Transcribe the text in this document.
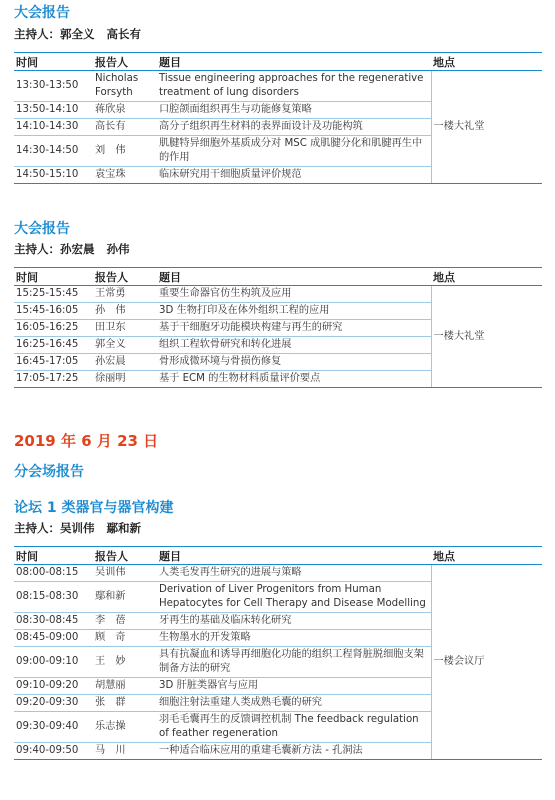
大会报告
主持人：郭全义 高长有
时间	报告人	题目	地点
13:30-13:50	Nicholas Forsyth	Tissue engineering approaches for the regenerative treatment of lung disorders	一楼大礼堂
13:50-14:10	蒋欣泉	口腔颌面组织再生与功能修复策略	
14:10-14:30	高长有	高分子组织再生材料的表界面设计及功能构筑	
14:30-14:50	刘　伟	肌腱特异细胞外基质成分对 MSC 成肌腱分化和肌腱再生中的作用	
14:50-15:10	袁宝珠	临床研究用干细胞质量评价规范	
大会报告
主持人：孙宏晨 孙伟
时间	报告人	题目	地点
15:25-15:45	王常勇	重要生命器官仿生构筑及应用	一楼大礼堂
15:45-16:05	孙　伟	3D 生物打印及在体外组织工程的应用	
16:05-16:25	田卫东	基于干细胞牙功能模块构建与再生的研究	
16:25-16:45	郭全义	组织工程软骨研究和转化进展	
16:45-17:05	孙宏晨	骨形成微环境与骨损伤修复	
17:05-17:25	徐丽明	基于 ECM 的生物材料质量评价要点	
2019 年 6 月 23 日
分会场报告
论坛 1 类器官与器官构建
主持人：吴训伟 鄢和新
时间	报告人	题目	地点
08:00-08:15	吴训伟	人类毛发再生研究的进展与策略	一楼会议厅
08:15-08:30	鄢和新	Derivation of Liver Progenitors from Human Hepatocytes for Cell Therapy and Disease Modelling	
08:30-08:45	李　蓓	牙再生的基础及临床转化研究	
08:45-09:00	顾　奇	生物墨水的开发策略	
09:00-09:10	王　妙	具有抗凝血和诱导再细胞化功能的组织工程肾脏脱细胞支架制备方法的研究	
09:10-09:20	胡慧丽	3D 肝脏类器官与应用	
09:20-09:30	张　群	细胞注射法重建人类成熟毛囊的研究	
09:30-09:40	乐志操	羽毛毛囊再生的反馈调控机制 The feedback regulation of feather regeneration	
09:40-09:50	马　川	一种适合临床应用的重建毛囊新方法 - 孔洞法	
